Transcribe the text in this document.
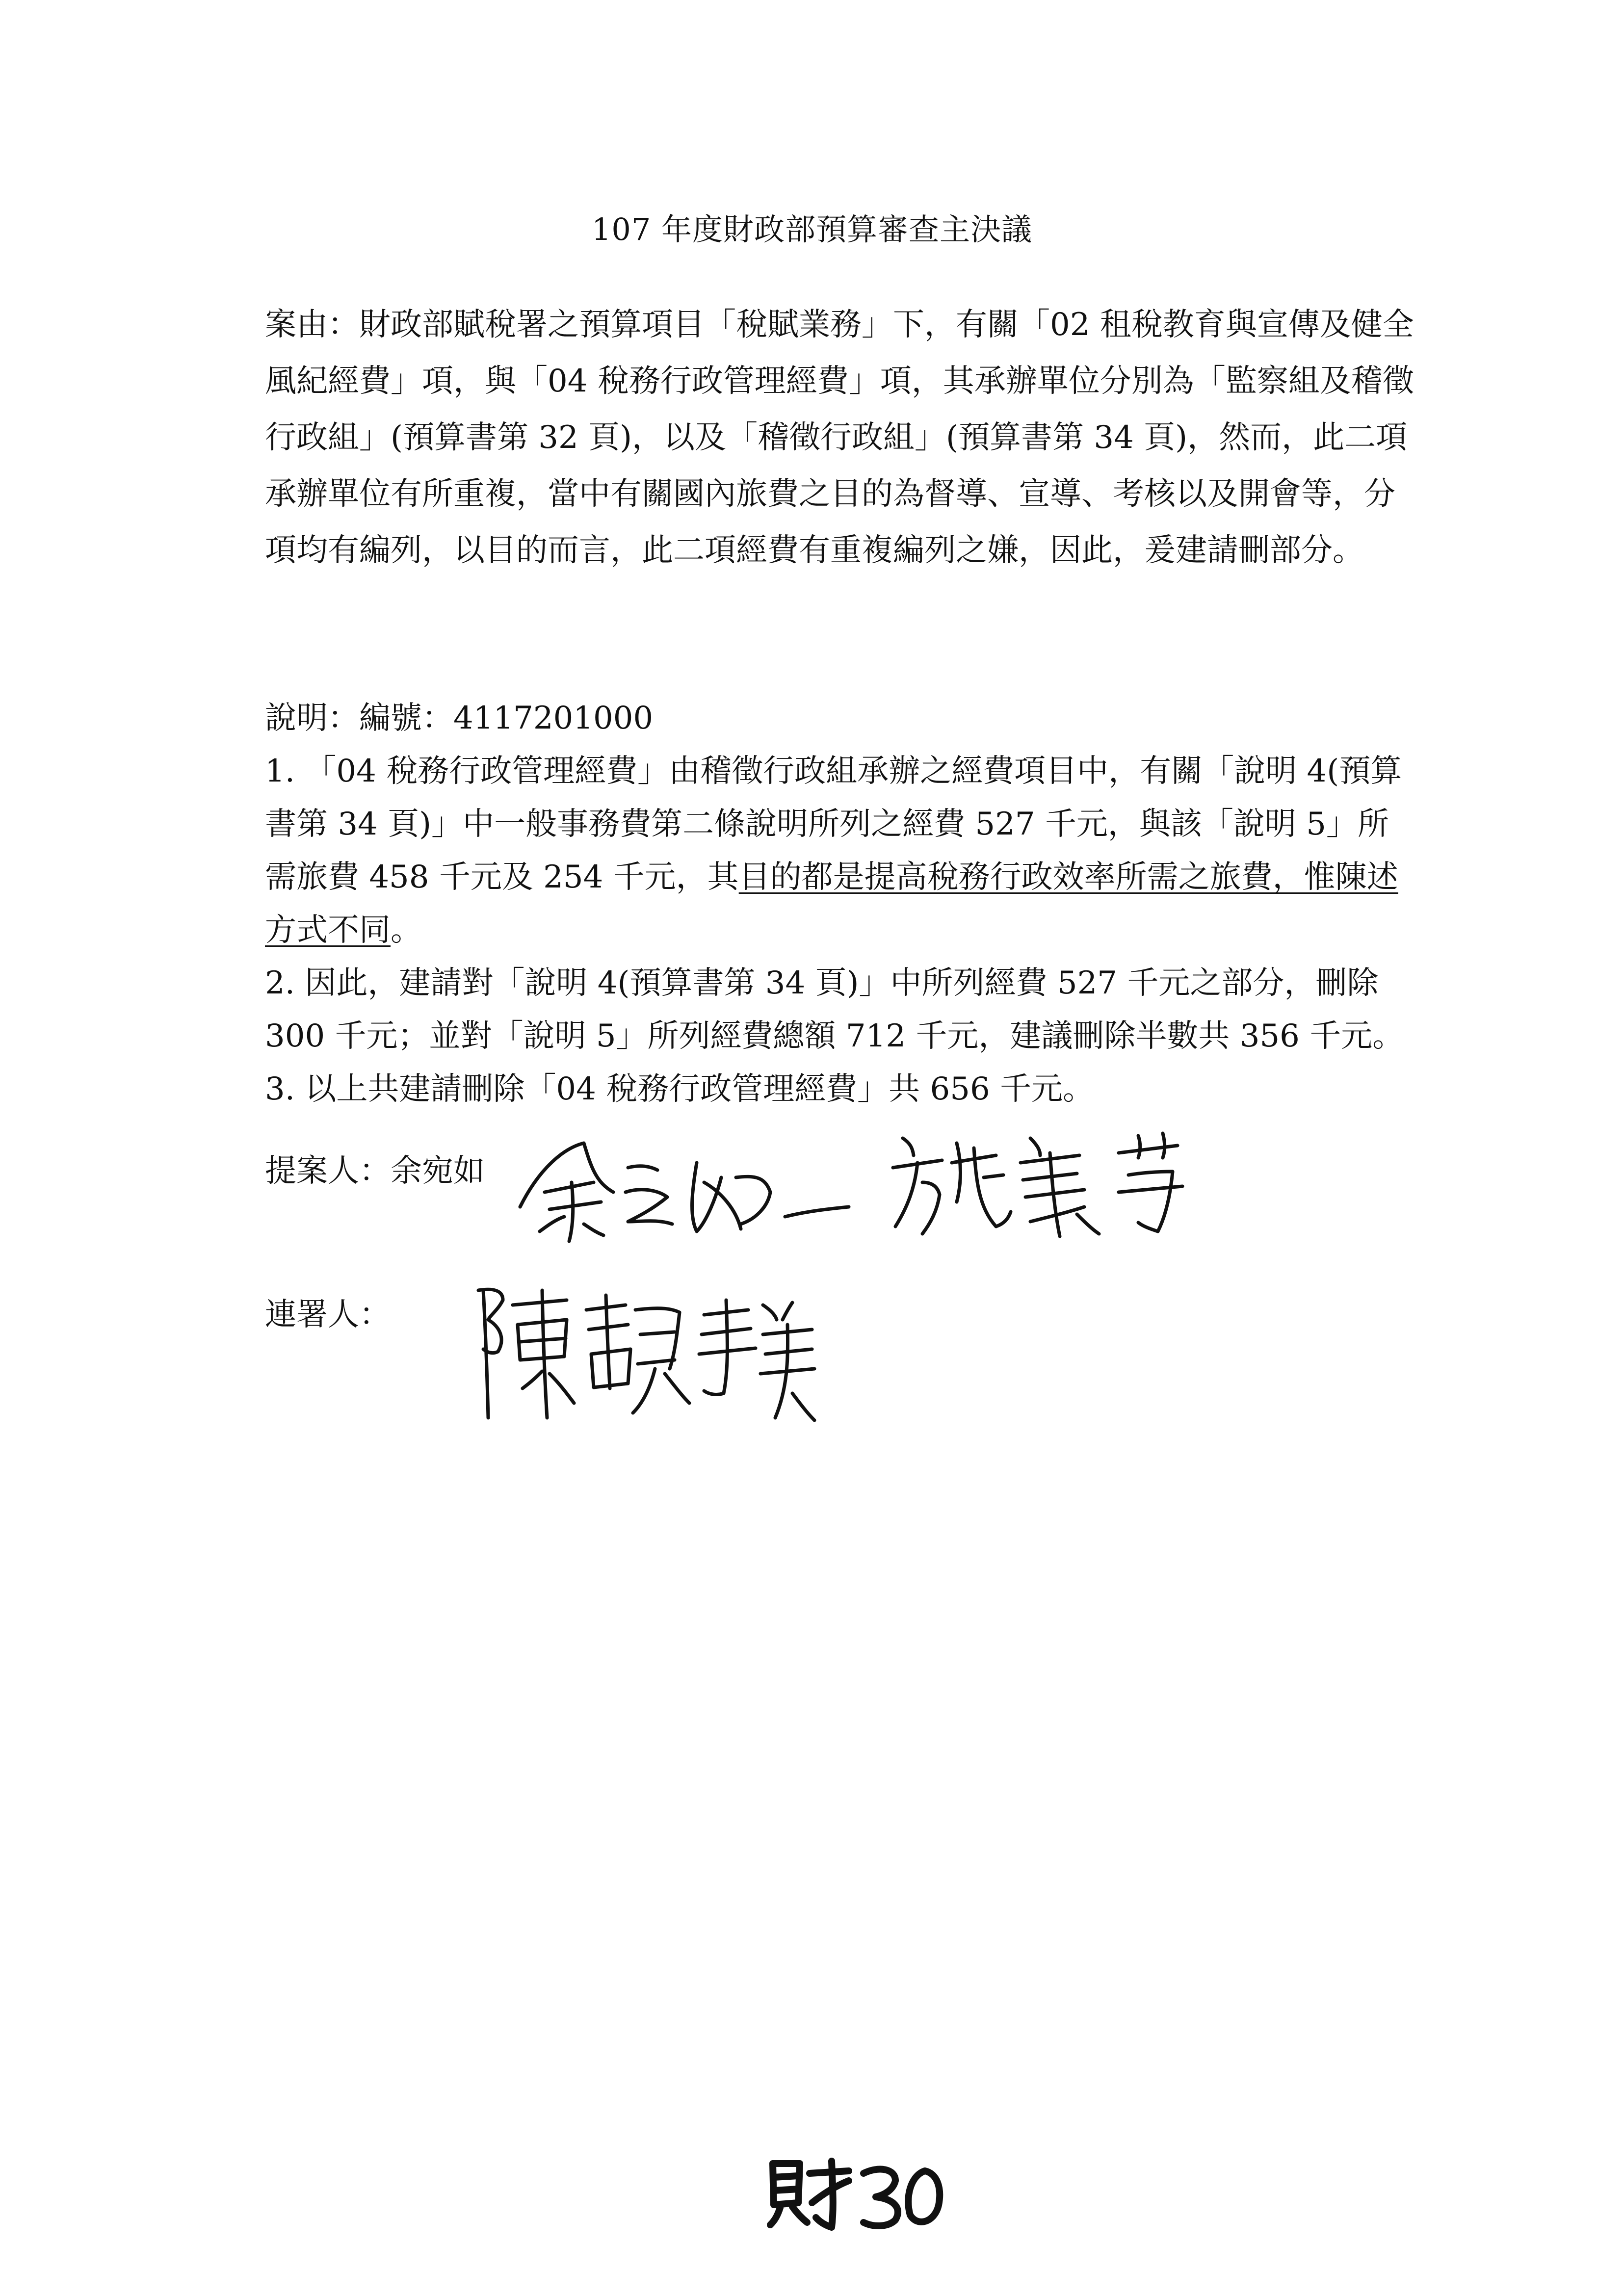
107 年度財政部預算審查主決議
案由：財政部賦稅署之預算項目「稅賦業務」下，有關「02 租稅教育與宣傳及健全風紀經費」項，與「04 稅務行政管理經費」項，其承辦單位分別為「監察組及稽徵行政組」(預算書第 32 頁)，以及「稽徵行政組」(預算書第 34 頁)，然而，此二項承辦單位有所重複，當中有關國內旅費之目的為督導、宣導、考核以及開會等，分項均有編列，以目的而言，此二項經費有重複編列之嫌，因此，爰建請刪部分。

說明：編號：4117201000

1. 「04 稅務行政管理經費」由稽徵行政組承辦之經費項目中，有關「說明 4(預算書第 34 頁)」中一般事務費第二條說明所列之經費 527 千元，與該「說明 5」所需旅費 458 千元及 254 千元，其目的都是提高稅務行政效率所需之旅費，惟陳述方式不同。

2. 因此，建請對「說明 4(預算書第 34 頁)」中所列經費 527 千元之部分，刪除 300 千元；並對「說明 5」所列經費總額 712 千元，建議刪除半數共 356 千元。

3. 以上共建請刪除「04 稅務行政管理經費」共 656 千元。

提案人：余宛如
連署人：
